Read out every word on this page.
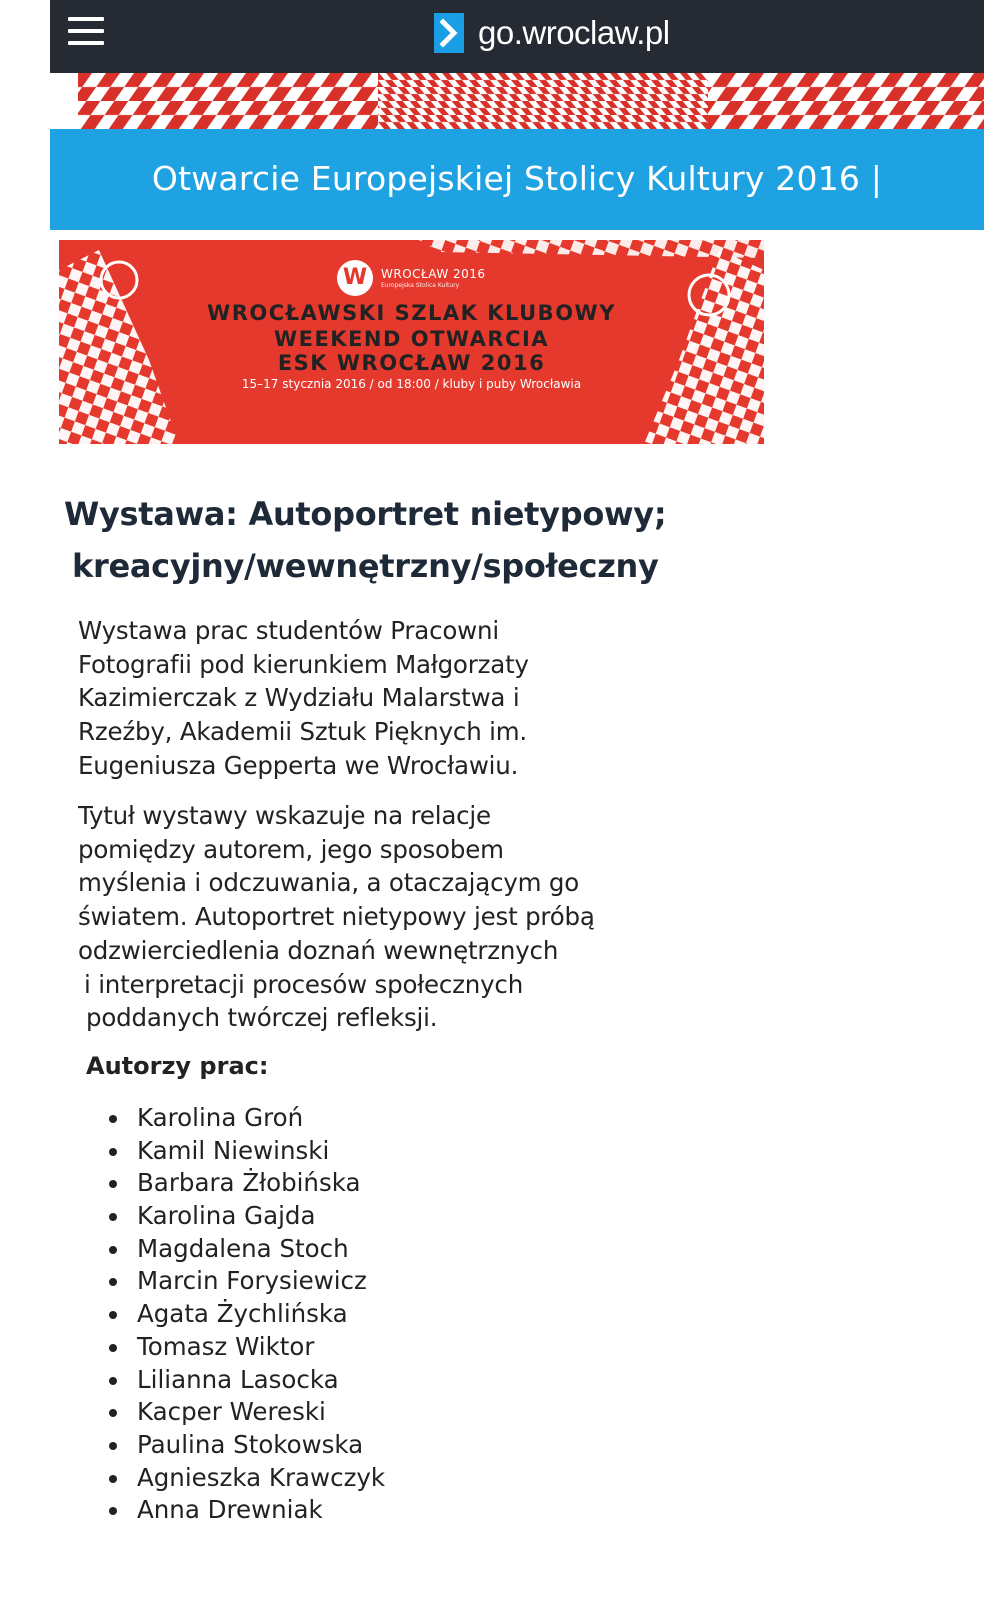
go.wroclaw.pl
Otwarcie Europejskiej Stolicy Kultury 2016 |
W	WROCŁAW 2016
Europejska Stolica Kultury
WROCŁAWSKI SZLAK KLUBOWY
WEEKEND OTWARCIA
ESK WROCŁAW 2016
15–17 stycznia 2016 / od 18:00 / kluby i puby Wrocławia
Wystawa: Autoportret nietypowy;
kreacyjny/wewnętrzny/społeczny
Wystawa prac studentów Pracowni
Fotografii pod kierunkiem Małgorzaty
Kazimierczak z Wydziału Malarstwa i
Rzeźby, Akademii Sztuk Pięknych im.
Eugeniusza Gepperta we Wrocławiu.
Tytuł wystawy wskazuje na relacje
pomiędzy autorem, jego sposobem
myślenia i odczuwania, a otaczającym go
światem. Autoportret nietypowy jest próbą
odzwierciedlenia doznań wewnętrznych
i interpretacji procesów społecznych
poddanych twórczej refleksji.
Autorzy prac:
Karolina Groń
Kamil Niewinski
Barbara Żłobińska
Karolina Gajda
Magdalena Stoch
Marcin Forysiewicz
Agata Żychlińska
Tomasz Wiktor
Lilianna Lasocka
Kacper Wereski
Paulina Stokowska
Agnieszka Krawczyk
Anna Drewniak
